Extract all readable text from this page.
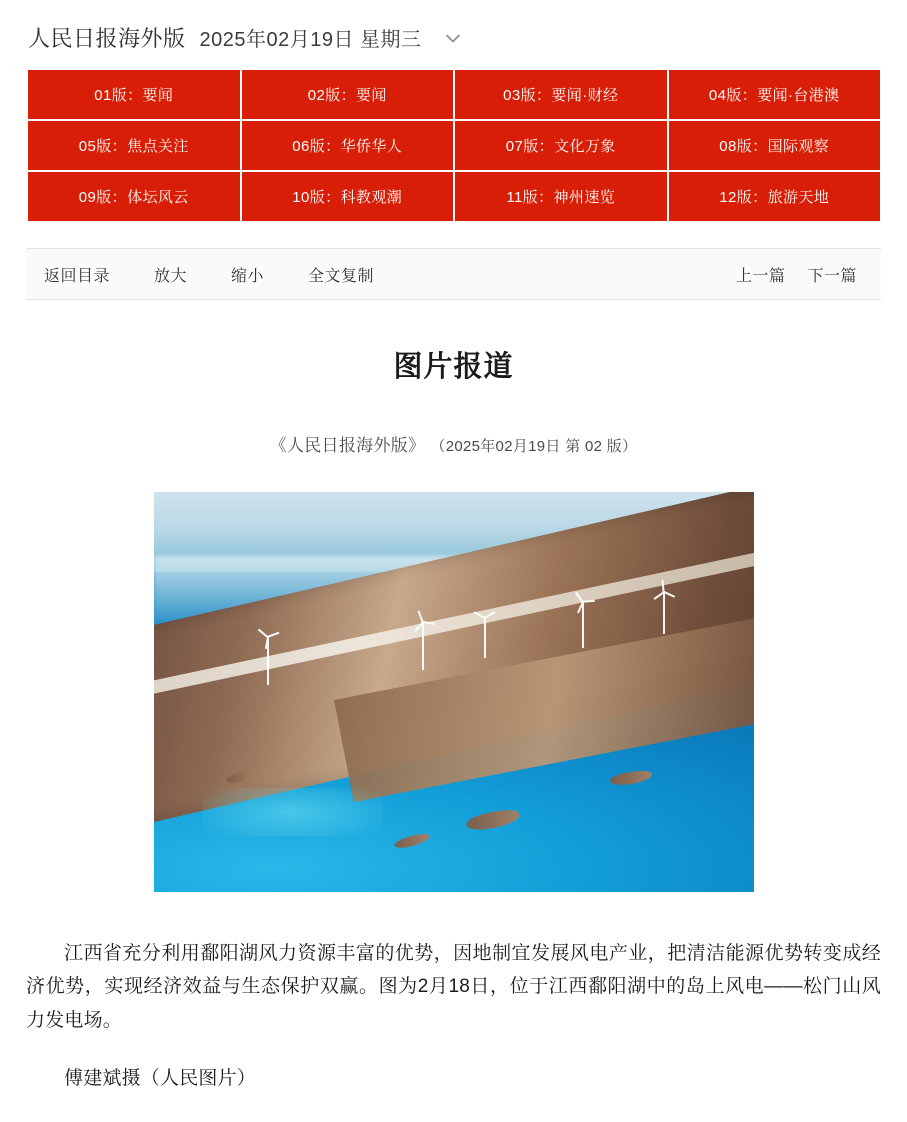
人民日报海外版 2025年02月19日 星期三
01版：要闻	02版：要闻	03版：要闻·财经	04版：要闻·台港澳
05版：焦点关注	06版：华侨华人	07版：文化万象	08版：国际观察
09版：体坛风云	10版：科教观潮	11版：神州速览	12版：旅游天地
返回目录	放大	缩小	全文复制	上一篇 下一篇
图片报道
《人民日报海外版》 （2025年02月19日 第 02 版）

江西省充分利用鄱阳湖风力资源丰富的优势，因地制宜发展风电产业，把清洁能源优势转变成经济优势，实现经济效益与生态保护双赢。图为2月18日，位于江西鄱阳湖中的岛上风电——松门山风力发电场。

傅建斌摄（人民图片）
